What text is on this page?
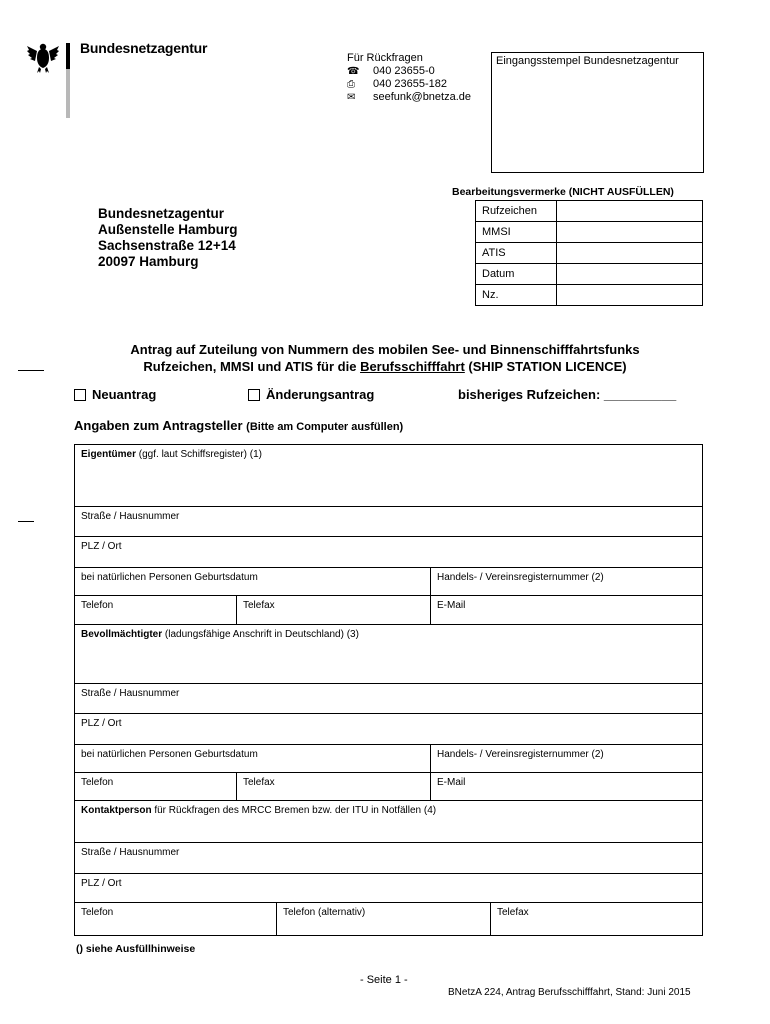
Bundesnetzagentur
Für Rückfragen
☎	040 23655-0
⎙	040 23655-182
✉	seefunk@bnetza.de
Eingangsstempel Bundesnetzagentur
Bearbeitungsvermerke (NICHT AUSFÜLLEN)
Rufzeichen	
MMSI	
ATIS	
Datum	
Nz.	
Bundesnetzagentur
Außenstelle Hamburg
Sachsenstraße 12+14
20097 Hamburg
Antrag auf Zuteilung von Nummern des mobilen See- und Binnenschifffahrtsfunks
Rufzeichen, MMSI und ATIS für die Berufsschifffahrt (SHIP STATION LICENCE)
Neuantrag	Änderungsantrag	bisheriges Rufzeichen: __________
Angaben zum Antragsteller (Bitte am Computer ausfüllen)
Eigentümer (ggf. laut Schiffsregister) (1)
Straße / Hausnummer
PLZ / Ort
bei natürlichen Personen Geburtsdatum	Handels- / Vereinsregisternummer (2)
Telefon	Telefax	E-Mail
Bevollmächtigter (ladungsfähige Anschrift in Deutschland) (3)
Straße / Hausnummer
PLZ / Ort
bei natürlichen Personen Geburtsdatum	Handels- / Vereinsregisternummer (2)
Telefon	Telefax	E-Mail
Kontaktperson für Rückfragen des MRCC Bremen bzw. der ITU in Notfällen (4)
Straße / Hausnummer
PLZ / Ort
Telefon	Telefon (alternativ)	Telefax
() siehe Ausfüllhinweise
- Seite 1 -
BNetzA 224, Antrag Berufsschifffahrt, Stand: Juni 2015
